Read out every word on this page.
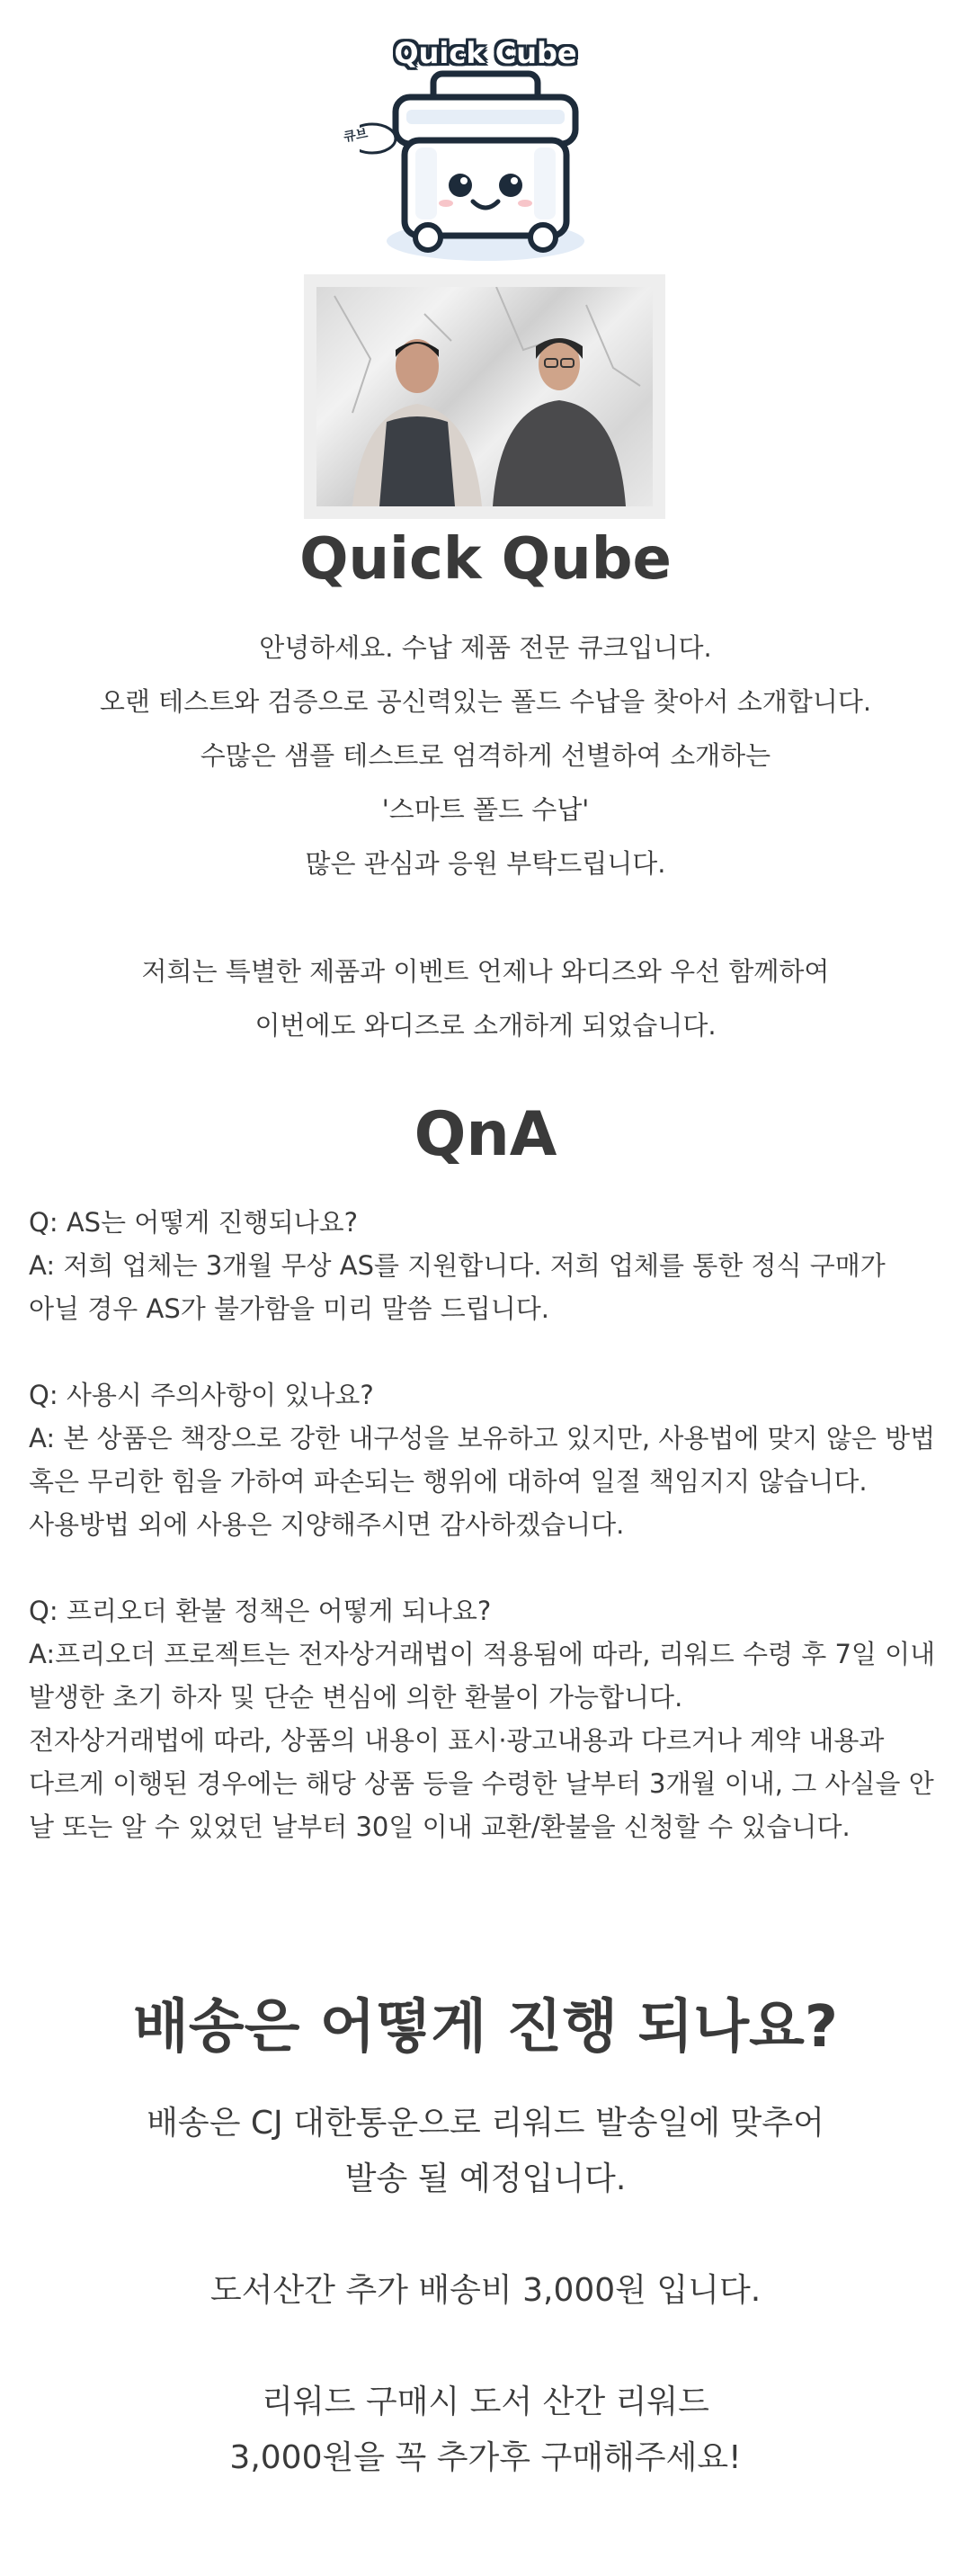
Quick Cube
큐브
Quick Qube

안녕하세요. 수납 제품 전문 큐크입니다.

오랜 테스트와 검증으로 공신력있는 폴드 수납을 찾아서 소개합니다.

수많은 샘플 테스트로 엄격하게 선별하여 소개하는

'스마트 폴드 수납'

많은 관심과 응원 부탁드립니다.

저희는 특별한 제품과 이벤트 언제나 와디즈와 우선 함께하여

이번에도 와디즈로 소개하게 되었습니다.

QnA

Q: AS는 어떻게 진행되나요?

A: 저희 업체는 3개월 무상 AS를 지원합니다. 저희 업체를 통한 정식 구매가 아닐 경우 AS가 불가함을 미리 말씀 드립니다.

Q: 사용시 주의사항이 있나요?

A: 본 상품은 책장으로 강한 내구성을 보유하고 있지만, 사용법에 맞지 않은 방법 혹은 무리한 힘을 가하여 파손되는 행위에 대하여 일절 책임지지 않습니다. 사용방법 외에 사용은 지양해주시면 감사하겠습니다.

Q: 프리오더 환불 정책은 어떻게 되나요?

A:프리오더 프로젝트는 전자상거래법이 적용됨에 따라, 리워드 수령 후 7일 이내 발생한 초기 하자 및 단순 변심에 의한 환불이 가능합니다.

전자상거래법에 따라, 상품의 내용이 표시·광고내용과 다르거나 계약 내용과 다르게 이행된 경우에는 해당 상품 등을 수령한 날부터 3개월 이내, 그 사실을 안 날 또는 알 수 있었던 날부터 30일 이내 교환/환불을 신청할 수 있습니다.

배송은 어떻게 진행 되나요?

배송은 CJ 대한통운으로 리워드 발송일에 맞추어

발송 될 예정입니다.

도서산간 추가 배송비 3,000원 입니다.

리워드 구매시 도서 산간 리워드

3,000원을 꼭 추가후 구매해주세요!
